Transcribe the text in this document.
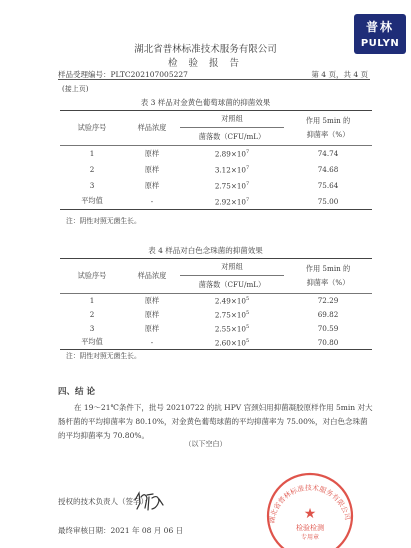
普林
PULYN
湖北省普林标准技术服务有限公司
检 验 报 告
样品受理编号：PLTC202107005227	第 4 页，共 4 页
(接上页)
表 3 样品对金黄色葡萄球菌的抑菌效果
试验序号	样品浓度	对照组	作用 5min 的
抑菌率（%）

		菌落数（CFU/mL）	
1	原样	$2.89\times 10^7$	74.74
2	原样	$3.12\times 10^7$	74.68
3	原样	$2.75\times 10^7$	75.64
平均值	-	$2.92\times 10^7$	75.00
注：阴性对照无菌生长。
表 4 样品对白色念珠菌的抑菌效果
试验序号	样品浓度	对照组	作用 5min 的
抑菌率（%）

		菌落数（CFU/mL）	
1	原样	$2.49\times 10^5$	72.29
2	原样	$2.75\times 10^5$	69.82
3	原样	$2.55\times 10^5$	70.59
平均值	-	$2.60\times 10^5$	70.80
注：阴性对照无菌生长。
四、结 论
在 19～21℃条件下，批号 20210722 的抗 HPV 宫颈妇用抑菌凝胶原样作用 5min 对大肠杆菌的平均抑菌率为 80.10%，对金黄色葡萄球菌的平均抑菌率为 75.00%，对白色念珠菌的平均抑菌率为 70.80%。
（以下空白）
授权的技术负责人（签字）：
最终审核日期：2021 年 08 月 06 日
湖北省普林标准技术服务有限公司
★
检验检测
专用章
